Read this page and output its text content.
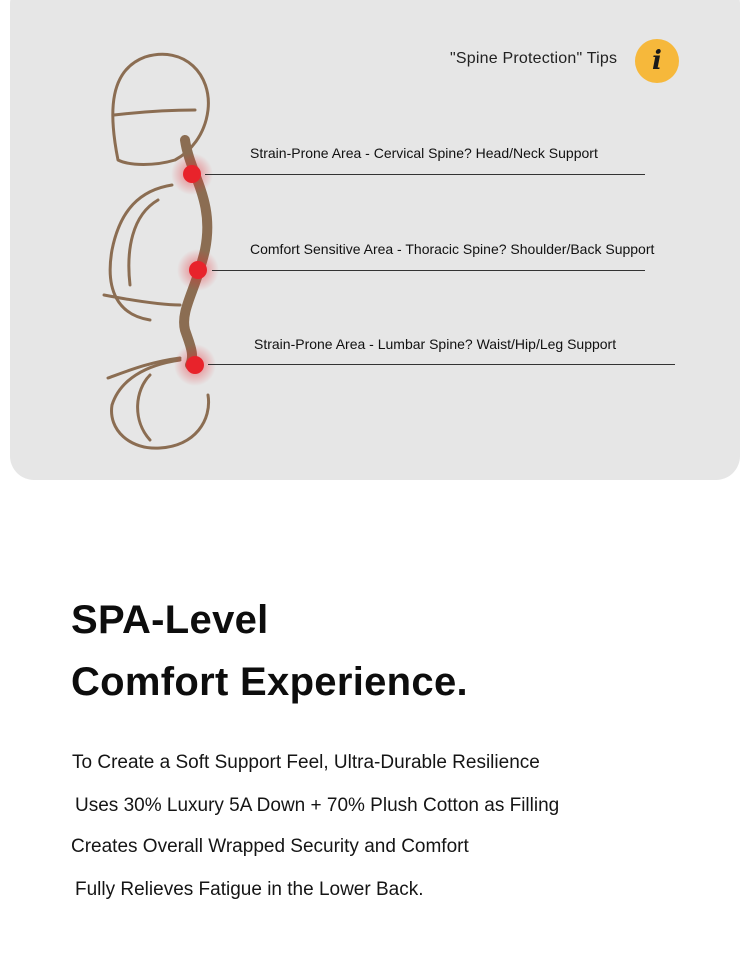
"Spine Protection" Tips	i
Strain-Prone Area - Cervical Spine? Head/Neck Support
Comfort Sensitive Area - Thoracic Spine? Shoulder/Back Support
Strain-Prone Area - Lumbar Spine? Waist/Hip/Leg Support
SPA-Level
Comfort Experience.
To Create a Soft Support Feel, Ultra-Durable Resilience
Uses 30% Luxury 5A Down + 70% Plush Cotton as Filling
Creates Overall Wrapped Security and Comfort
Fully Relieves Fatigue in the Lower Back.
